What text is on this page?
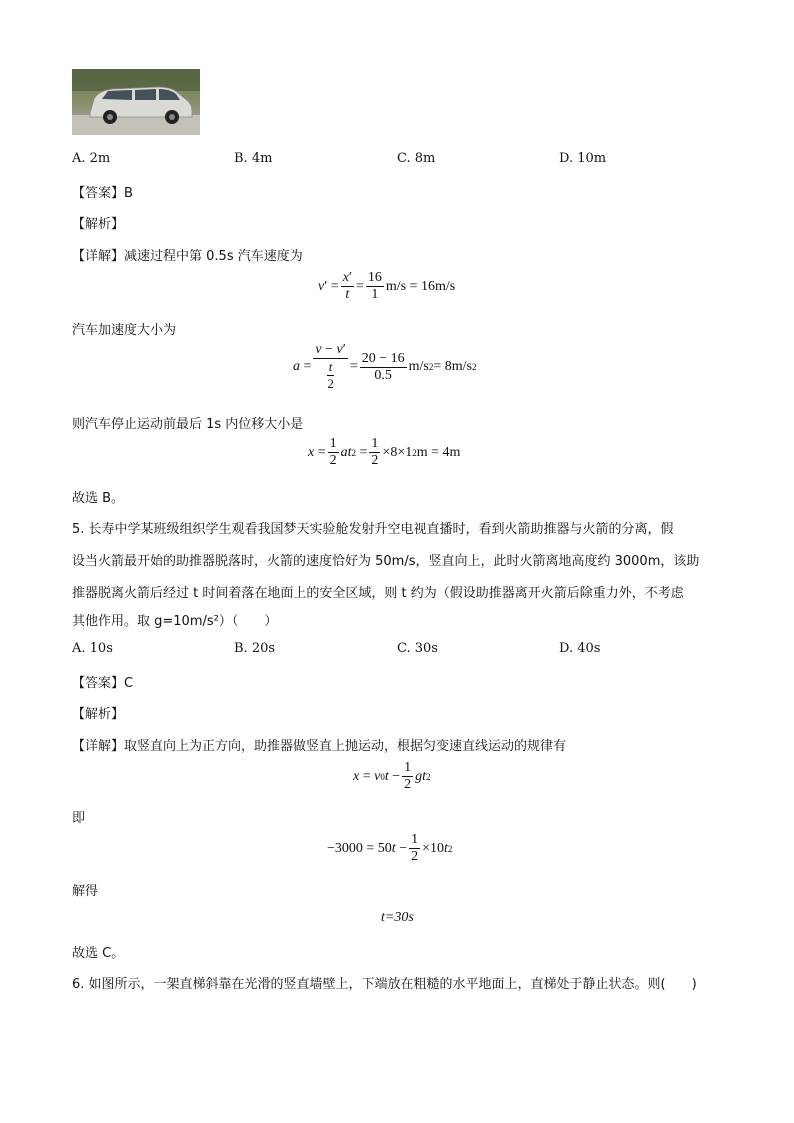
A. 2m	B. 4m	C. 8m	D. 10m
【答案】B
【解析】
【详解】减速过程中第 0.5s 汽车速度为
v ′ = $\frac{x'}{t} = \frac{16}{1} m/s = 16m/s$
汽车加速度大小为
$a = \frac{v - v'}{\frac{t}{2}} = \frac{20 - 16}{0.5} m/s$ 2 = 8m/s 2
则汽车停止运动前最后 1s 内位移大小是
$x = \frac{1}{2}$ at $2 = \frac{1}{2} \times 8\times 1$ 2 m = 4m
故选 B。
5. 长寿中学某班级组织学生观看我国梦天实验舱发射升空电视直播时，看到火箭助推器与火箭的分离，假
设当火箭最开始的助推器脱落时，火箭的速度恰好为 50m/s，竖直向上，此时火箭离地高度约 3000m，该助
推器脱离火箭后经过 t 时间着落在地面上的安全区域，则 t 约为（假设助推器离开火箭后除重力外，不考虑
其他作用。取 g=10m/s²）（　　）
A. 10s	B. 20s	C. 30s	D. 40s
【答案】C
【解析】
【详解】取竖直向上为正方向，助推器做竖直上抛运动，根据匀变速直线运动的规律有
x = v 0 $t - \frac{1}{2}$ gt 2
即
−3000 = 50 $t - \frac{1}{2} \times 10$ t 2
解得
t=30s
故选 C。
6. 如图所示，一架直梯斜靠在光滑的竖直墙壁上，下端放在粗糙的水平地面上，直梯处于静止状态。则(　　)
